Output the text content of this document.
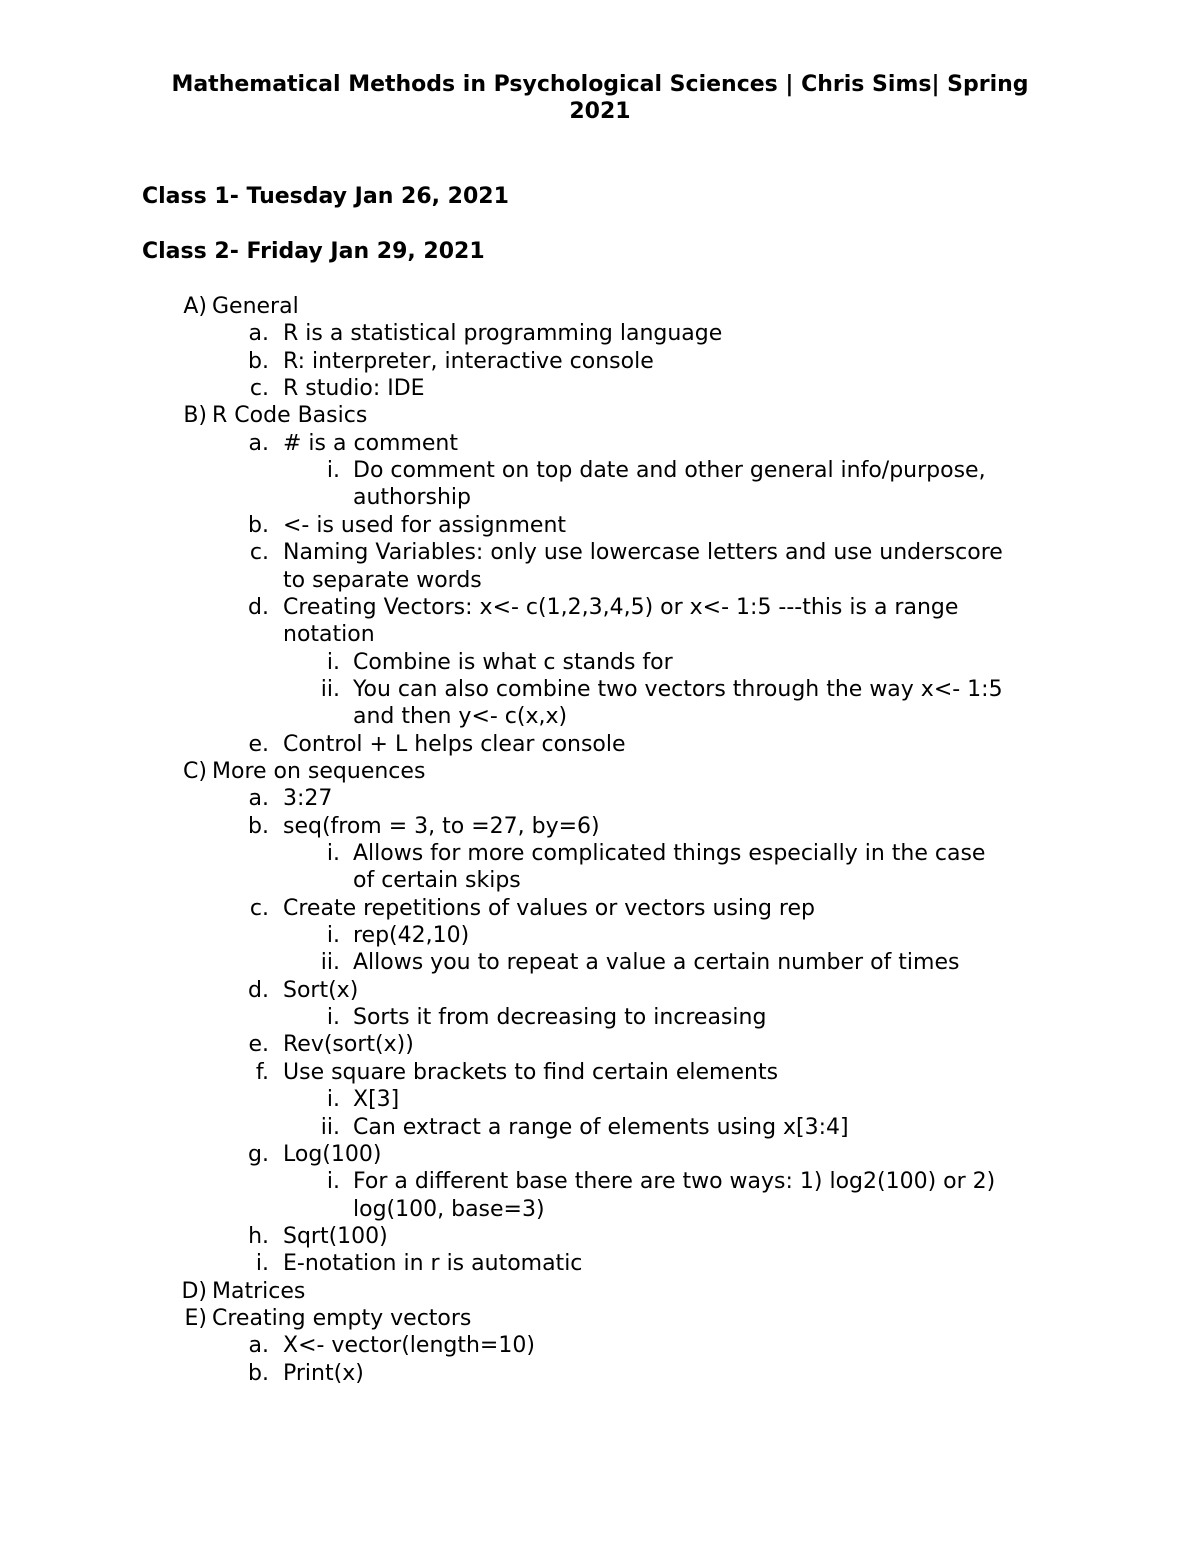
Mathematical Methods in Psychological Sciences | Chris Sims| Spring
2021
Class 1- Tuesday Jan 26, 2021
Class 2- Friday Jan 29, 2021
A) General
a. R is a statistical programming language
b. R: interpreter, interactive console
c. R studio: IDE
B) R Code Basics
a. # is a comment
i. Do comment on top date and other general info/purpose,
authorship
b. <- is used for assignment
c. Naming Variables: only use lowercase letters and use underscore
to separate words
d. Creating Vectors: x<- c(1,2,3,4,5) or x<- 1:5 ---this is a range
notation
i. Combine is what c stands for
ii. You can also combine two vectors through the way x<- 1:5
and then y<- c(x,x)
e. Control + L helps clear console
C) More on sequences
a. 3:27
b. seq(from = 3, to =27, by=6)
i. Allows for more complicated things especially in the case
of certain skips
c. Create repetitions of values or vectors using rep
i. rep(42,10)
ii. Allows you to repeat a value a certain number of times
d. Sort(x)
i. Sorts it from decreasing to increasing
e. Rev(sort(x))
f. Use square brackets to find certain elements
i. X[3]
ii. Can extract a range of elements using x[3:4]
g. Log(100)
i. For a different base there are two ways: 1) log2(100) or 2)
log(100, base=3)
h. Sqrt(100)
i. E-notation in r is automatic
D) Matrices
E) Creating empty vectors
a. X<- vector(length=10)
b. Print(x)
